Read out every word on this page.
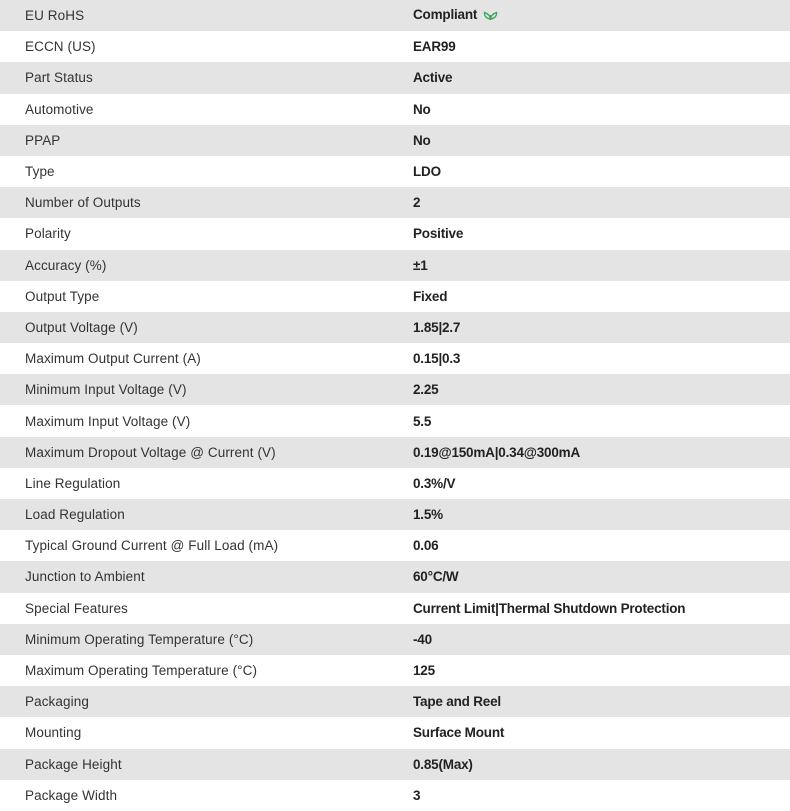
EU RoHS	Compliant
ECCN (US)	EAR99
Part Status	Active
Automotive	No
PPAP	No
Type	LDO
Number of Outputs	2
Polarity	Positive
Accuracy (%)	±1
Output Type	Fixed
Output Voltage (V)	1.85|2.7
Maximum Output Current (A)	0.15|0.3
Minimum Input Voltage (V)	2.25
Maximum Input Voltage (V)	5.5
Maximum Dropout Voltage @ Current (V)	0.19@150mA|0.34@300mA
Line Regulation	0.3%/V
Load Regulation	1.5%
Typical Ground Current @ Full Load (mA)	0.06
Junction to Ambient	60°C/W
Special Features	Current Limit|Thermal Shutdown Protection
Minimum Operating Temperature (°C)	-40
Maximum Operating Temperature (°C)	125
Packaging	Tape and Reel
Mounting	Surface Mount
Package Height	0.85(Max)
Package Width	3
